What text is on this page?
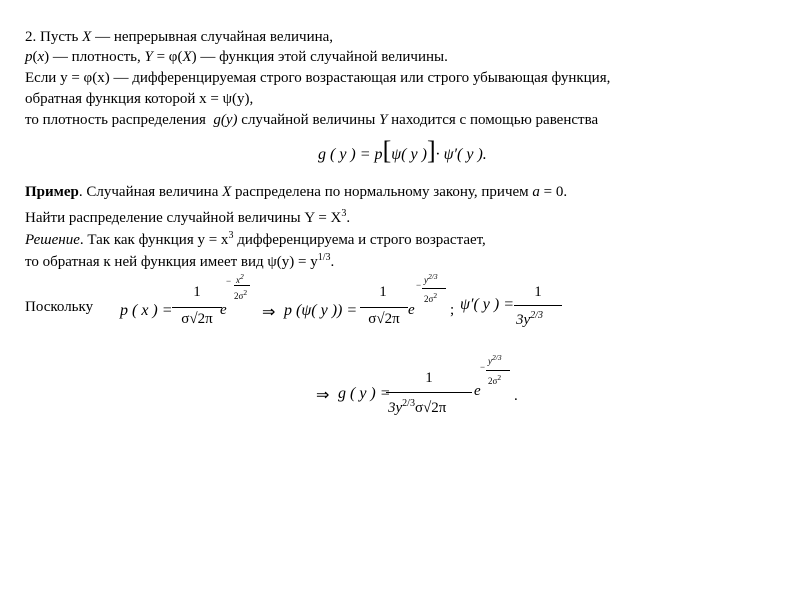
2. Пусть X — непрерывная случайная величина,
p(x) — плотность, Y = φ(X) — функция этой случайной величины.
Если y = φ(x) — дифференцируемая строго возрастающая или строго убывающая функция,
обратная функция которой x = ψ(y),
то плотность распределения g(y) случайной величины Y находится с помощью равенства
g ( y ) = p[ψ( y )]· ψ′( y ).
Пример. Случайная величина X распределена по нормальному закону, причем a = 0.
Найти распределение случайной величины $Y = X^3$.
Решение. Так как функция $y = x^3$ дифференцируема и строго возрастает,
то обратная к ней функция имеет вид $\psi(y) = y^{1/3}$.
Поскольку p ( x ) =
1
σ√2π
e
− $x^2$
$2\sigma^2$
⇒ p (ψ( y )) =
1
σ√2π
e
− $y^{2/3}$
$2\sigma^2$
; ψ′( y ) =
1
$3y^{2/3}$
⇒ g ( y ) =
1
$3y^{2/3}\sigma√2\pi$
e
−
$y^{2/3}$
$2\sigma^2$
.
